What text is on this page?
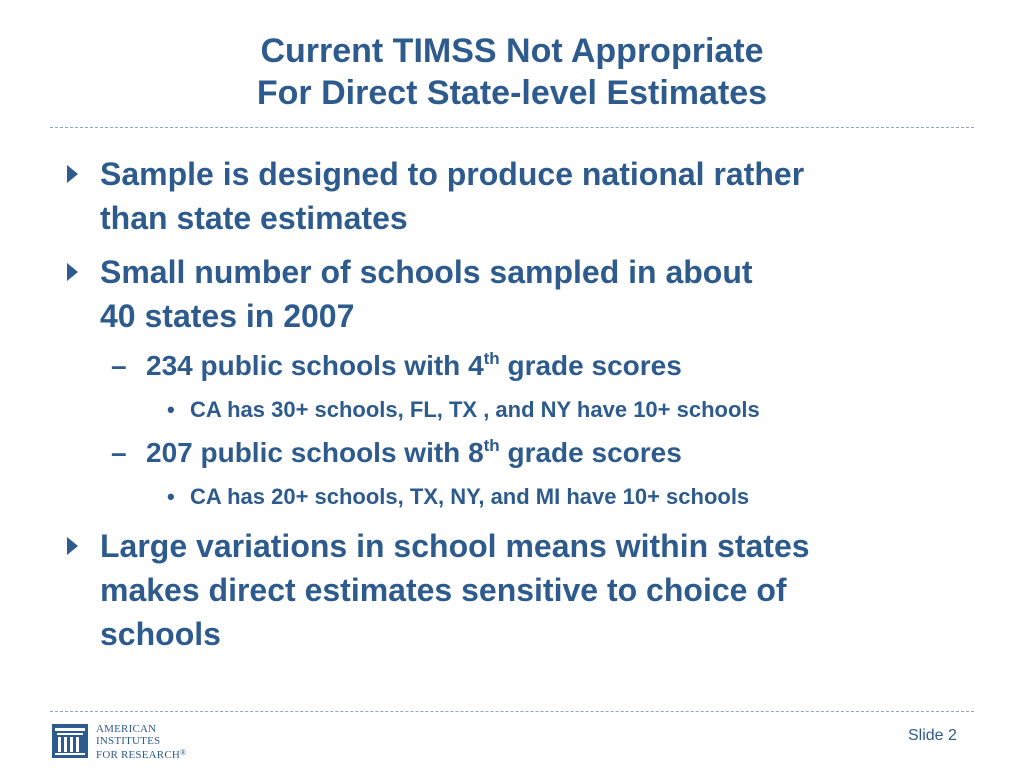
Current TIMSS Not Appropriate
For Direct State-level Estimates
Sample is designed to produce national rather
than state estimates
Small number of schools sampled in about
40 states in 2007
– 234 public schools with 4th grade scores
• CA has 30+ schools, FL, TX , and NY have 10+ schools
– 207 public schools with 8th grade scores
• CA has 20+ schools, TX, NY, and MI have 10+ schools
Large variations in school means within states
makes direct estimates sensitive to choice of
schools
AMERICAN
INSTITUTES
FOR RESEARCH®
Slide 2
